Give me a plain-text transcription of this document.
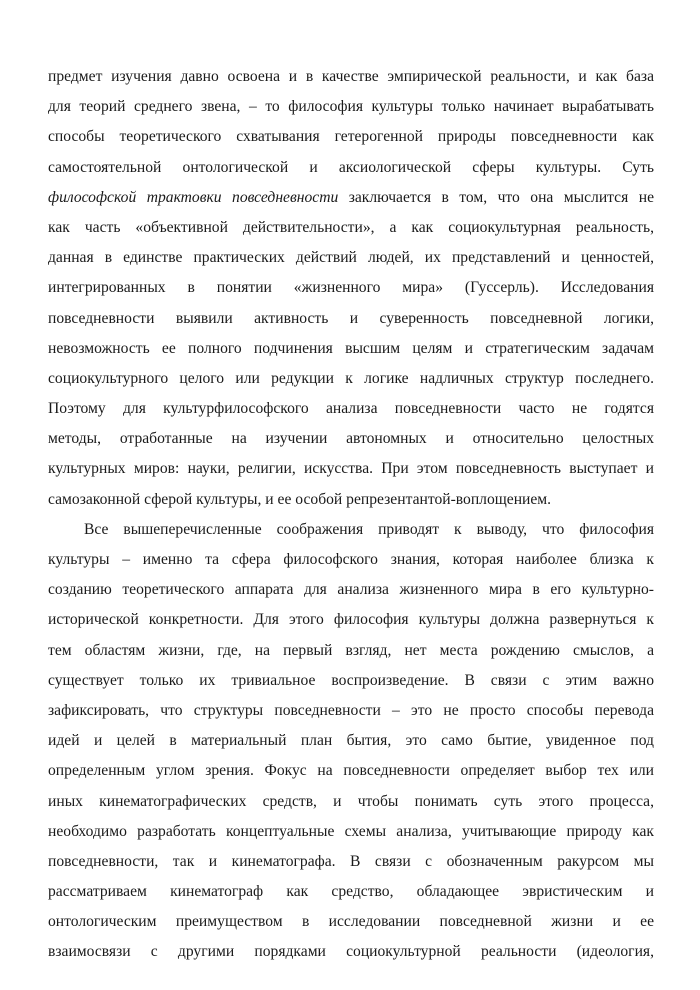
предмет изучения давно освоена и в качестве эмпирической реальности, и как база
для теорий среднего звена, – то философия культуры только начинает вырабатывать
способы теоретического схватывания гетерогенной природы повседневности как
самостоятельной онтологической и аксиологической сферы культуры. Суть
философской трактовки повседневности заключается в том, что она мыслится не
как часть «объективной действительности», а как социокультурная реальность,
данная в единстве практических действий людей, их представлений и ценностей,
интегрированных в понятии «жизненного мира» (Гуссерль). Исследования
повседневности выявили активность и суверенность повседневной логики,
невозможность ее полного подчинения высшим целям и стратегическим задачам
социокультурного целого или редукции к логике надличных структур последнего.
Поэтому для культурфилософского анализа повседневности часто не годятся
методы, отработанные на изучении автономных и относительно целостных
культурных миров: науки, религии, искусства. При этом повседневность выступает и
самозаконной сферой культуры, и ее особой репрезентантой-воплощением.
Все вышеперечисленные соображения приводят к выводу, что философия
культуры – именно та сфера философского знания, которая наиболее близка к
созданию теоретического аппарата для анализа жизненного мира в его культурно-
исторической конкретности. Для этого философия культуры должна развернуться к
тем областям жизни, где, на первый взгляд, нет места рождению смыслов, а
существует только их тривиальное воспроизведение. В связи с этим важно
зафиксировать, что структуры повседневности – это не просто способы перевода
идей и целей в материальный план бытия, это само бытие, увиденное под
определенным углом зрения. Фокус на повседневности определяет выбор тех или
иных кинематографических средств, и чтобы понимать суть этого процесса,
необходимо разработать концептуальные схемы анализа, учитывающие природу как
повседневности, так и кинематографа. В связи с обозначенным ракурсом мы
рассматриваем кинематограф как средство, обладающее эвристическим и
онтологическим преимуществом в исследовании повседневной жизни и ее
взаимосвязи с другими порядками социокультурной реальности (идеология,
